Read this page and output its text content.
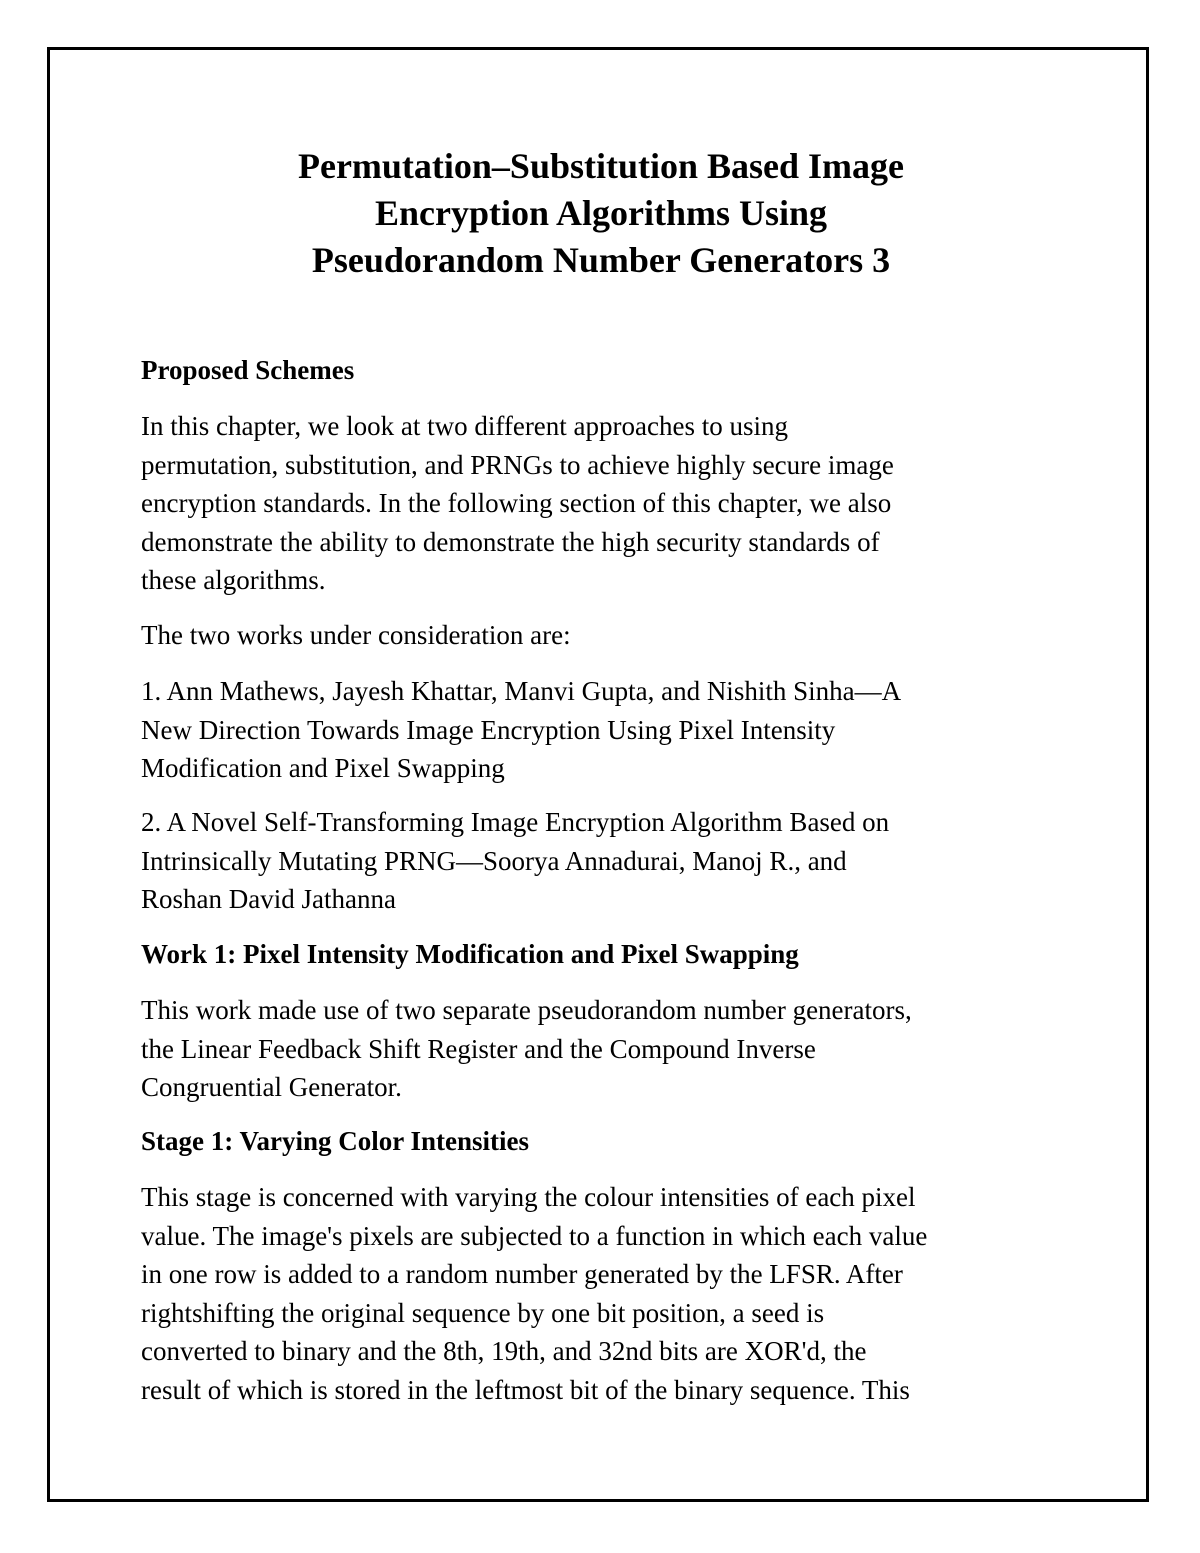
Permutation–Substitution Based Image
Encryption Algorithms Using
Pseudorandom Number Generators 3
Proposed Schemes

In this chapter, we look at two different approaches to using
permutation, substitution, and PRNGs to achieve highly secure image
encryption standards. In the following section of this chapter, we also
demonstrate the ability to demonstrate the high security standards of
these algorithms.

The two works under consideration are:

1. Ann Mathews, Jayesh Khattar, Manvi Gupta, and Nishith Sinha—A
New Direction Towards Image Encryption Using Pixel Intensity
Modification and Pixel Swapping

2. A Novel Self-Transforming Image Encryption Algorithm Based on
Intrinsically Mutating PRNG—Soorya Annadurai, Manoj R., and
Roshan David Jathanna

Work 1: Pixel Intensity Modification and Pixel Swapping

This work made use of two separate pseudorandom number generators,
the Linear Feedback Shift Register and the Compound Inverse
Congruential Generator.

Stage 1: Varying Color Intensities

This stage is concerned with varying the colour intensities of each pixel
value. The image's pixels are subjected to a function in which each value
in one row is added to a random number generated by the LFSR. After
rightshifting the original sequence by one bit position, a seed is
converted to binary and the 8th, 19th, and 32nd bits are XOR'd, the
result of which is stored in the leftmost bit of the binary sequence. This
